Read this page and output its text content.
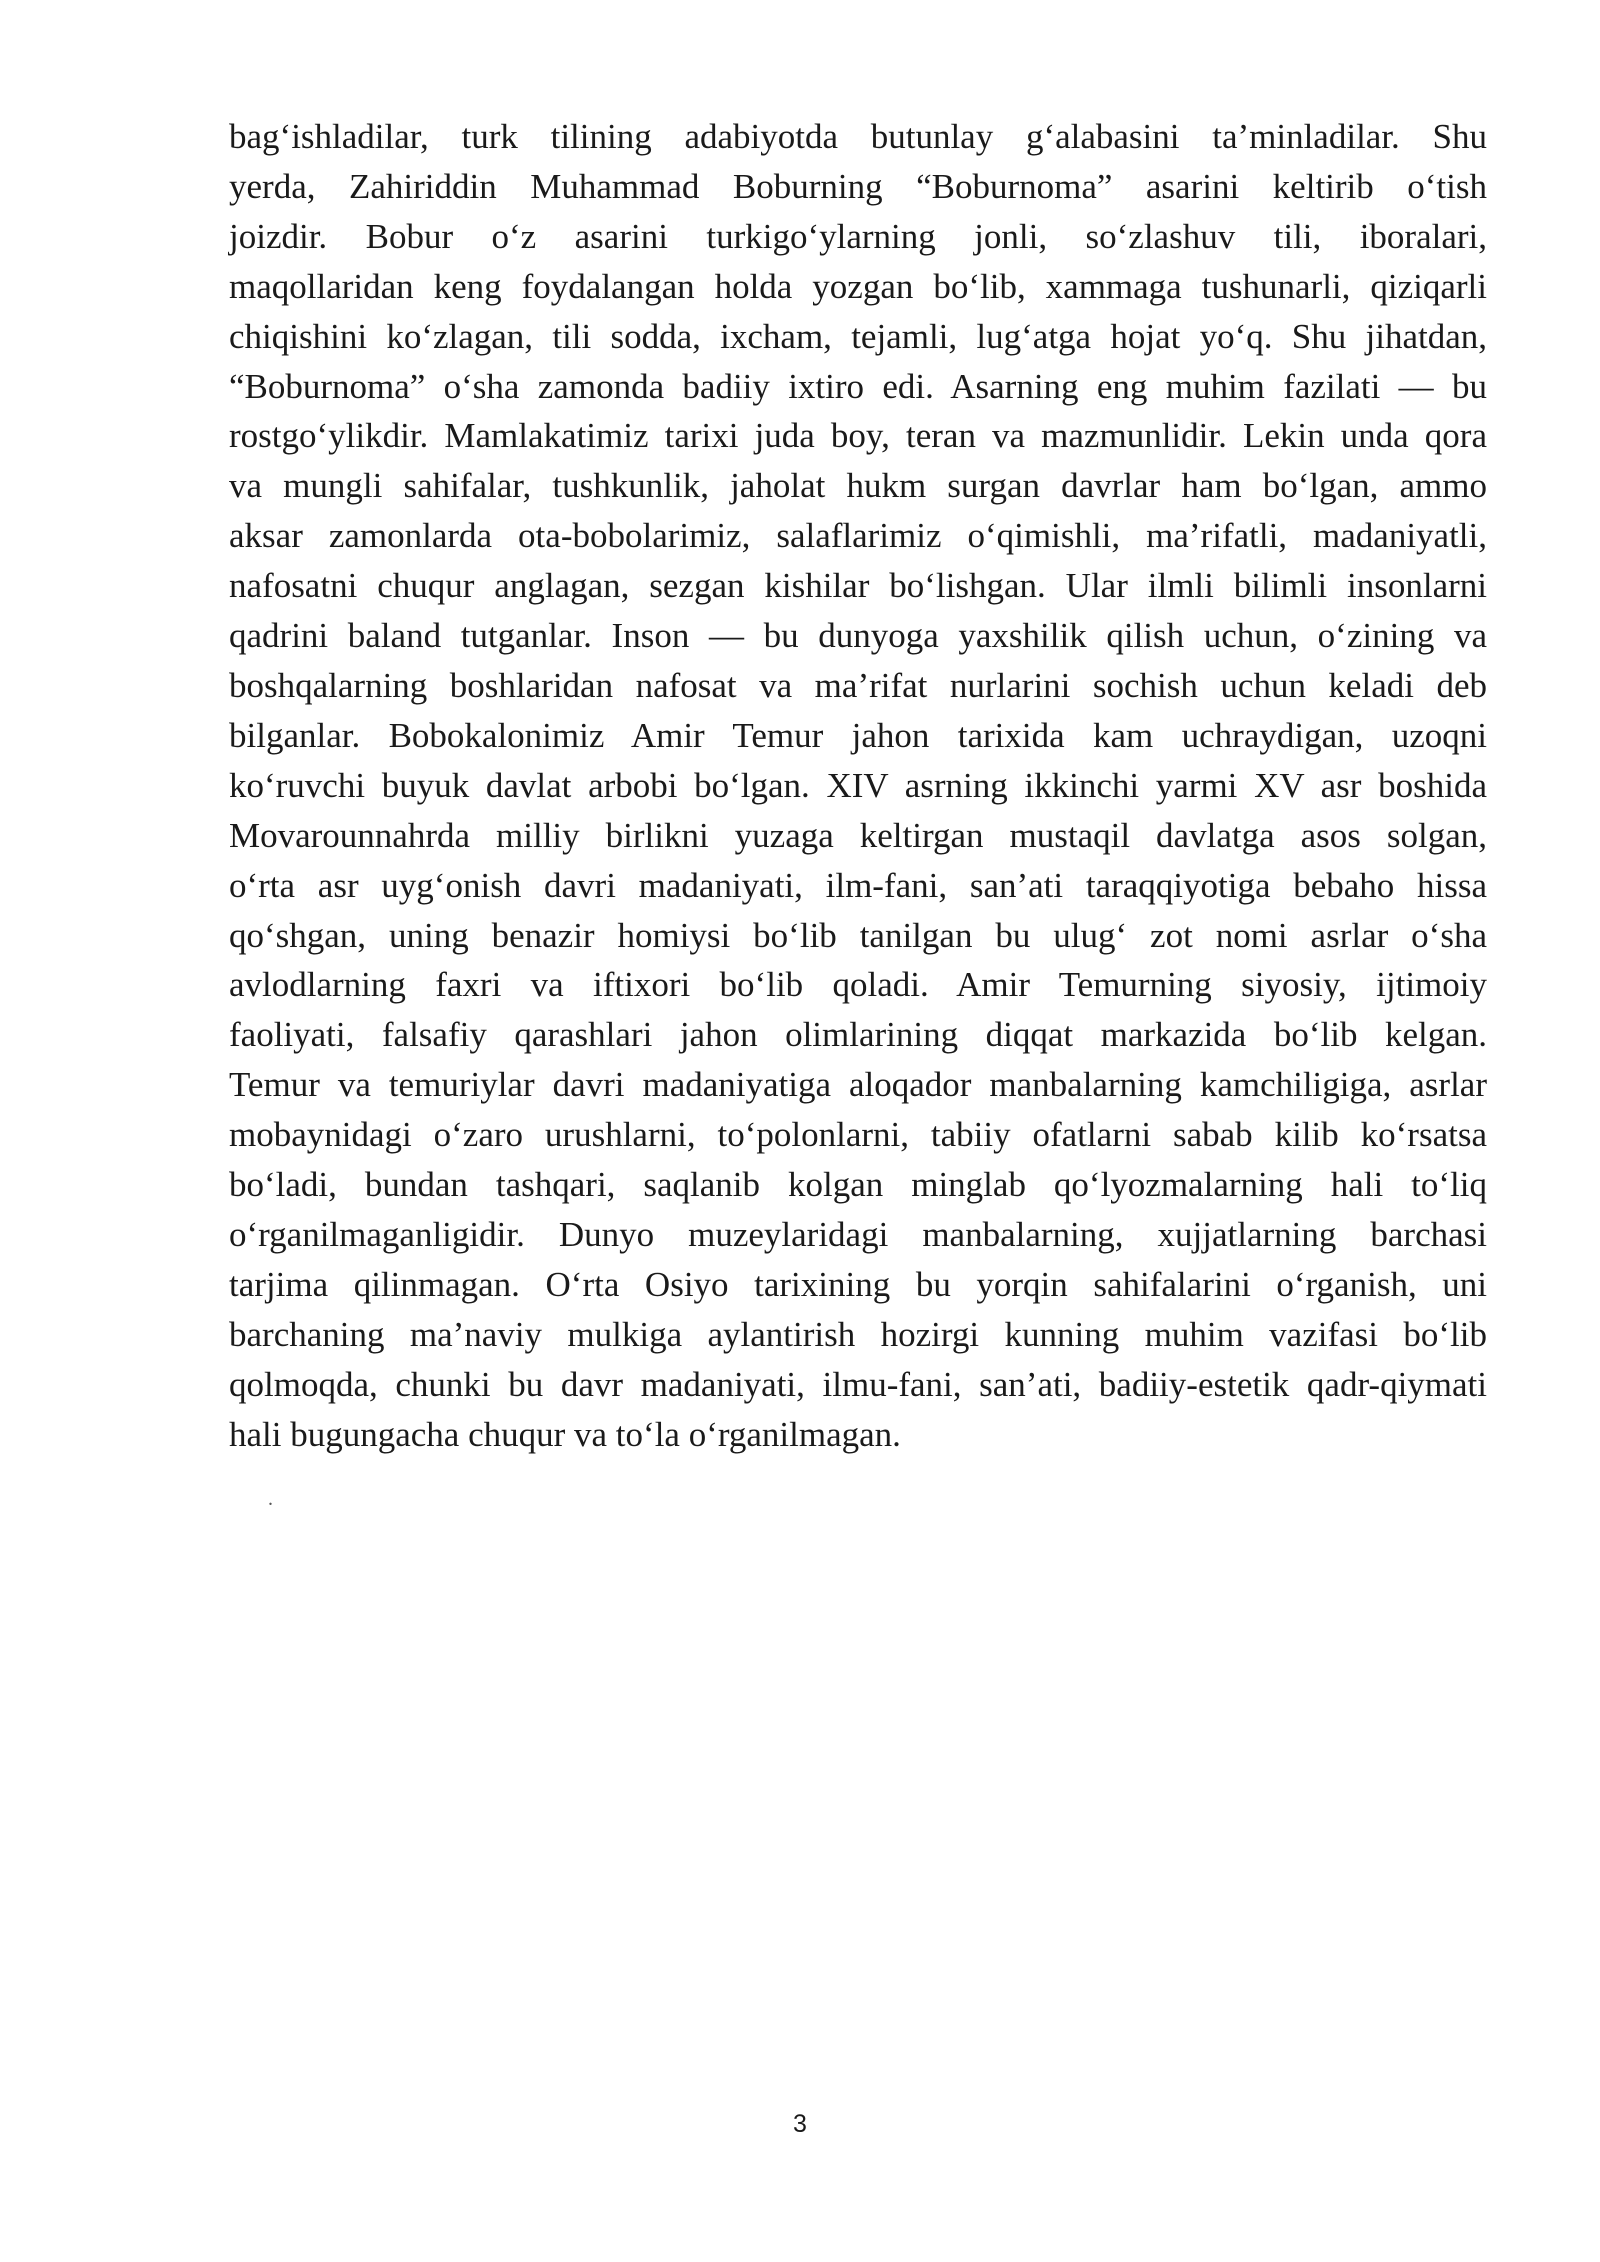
bag‘ishladilar, turk tilining adabiyotda butunlay g‘alabasini ta’minladilar. Shu
yerda, Zahiriddin Muhammad Boburning “Boburnoma” asarini keltirib o‘tish
joizdir. Bobur o‘z asarini turkigo‘ylarning jonli, so‘zlashuv tili, iboralari,
maqollaridan keng foydalangan holda yozgan bo‘lib, xammaga tushunarli, qiziqarli
chiqishini ko‘zlagan, tili sodda, ixcham, tejamli, lug‘atga hojat yo‘q. Shu jihatdan,
“Boburnoma” o‘sha zamonda badiiy ixtiro edi. Asarning eng muhim fazilati — bu
rostgo‘ylikdir. Mamlakatimiz tarixi juda boy, teran va mazmunlidir. Lekin unda qora
va mungli sahifalar, tushkunlik, jaholat hukm surgan davrlar ham bo‘lgan, ammo
aksar zamonlarda ota-bobolarimiz, salaflarimiz o‘qimishli, ma’rifatli, madaniyatli,
nafosatni chuqur anglagan, sezgan kishilar bo‘lishgan. Ular ilmli bilimli insonlarni
qadrini baland tutganlar. Inson — bu dunyoga yaxshilik qilish uchun, o‘zining va
boshqalarning boshlaridan nafosat va ma’rifat nurlarini sochish uchun keladi deb
bilganlar. Bobokalonimiz Amir Temur jahon tarixida kam uchraydigan, uzoqni
ko‘ruvchi buyuk davlat arbobi bo‘lgan. XIV asrning ikkinchi yarmi XV asr boshida
Movarounnahrda milliy birlikni yuzaga keltirgan mustaqil davlatga asos solgan,
o‘rta asr uyg‘onish davri madaniyati, ilm-fani, san’ati taraqqiyotiga bebaho hissa
qo‘shgan, uning benazir homiysi bo‘lib tanilgan bu ulug‘ zot nomi asrlar o‘sha
avlodlarning faxri va iftixori bo‘lib qoladi. Amir Temurning siyosiy, ijtimoiy
faoliyati, falsafiy qarashlari jahon olimlarining diqqat markazida bo‘lib kelgan.
Temur va temuriylar davri madaniyatiga aloqador manbalarning kamchiligiga, asrlar
mobaynidagi o‘zaro urushlarni, to‘polonlarni, tabiiy ofatlarni sabab kilib ko‘rsatsa
bo‘ladi, bundan tashqari, saqlanib kolgan minglab qo‘lyozmalarning hali to‘liq
o‘rganilmaganligidir. Dunyo muzeylaridagi manbalarning, xujjatlarning barchasi
tarjima qilinmagan. O‘rta Osiyo tarixining bu yorqin sahifalarini o‘rganish, uni
barchaning ma’naviy mulkiga aylantirish hozirgi kunning muhim vazifasi bo‘lib
qolmoqda, chunki bu davr madaniyati, ilmu-fani, san’ati, badiiy-estetik qadr-qiymati
hali bugungacha chuqur va to‘la o‘rganilmagan.
.
3
